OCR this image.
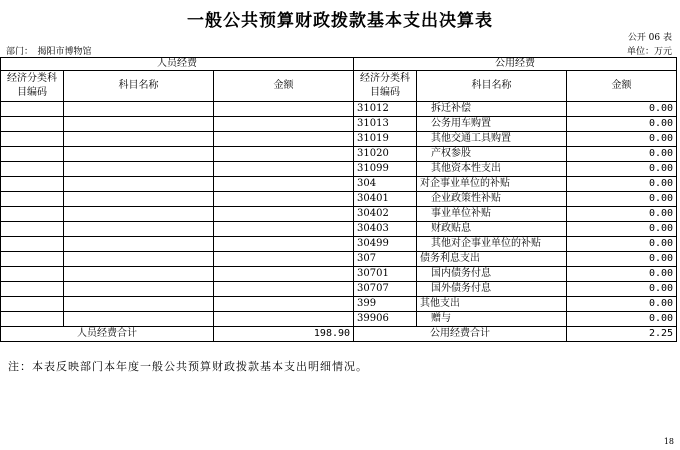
一般公共预算财政拨款基本支出决算表
公开 06 表
部门：　揭阳市博物馆	单位：万元
人员经费			公用经费		
经济分类科目编码	科目名称	金额	经济分类科目编码	科目名称	金额
			31012	拆迁补偿	0.00
			31013	公务用车购置	0.00
			31019	其他交通工具购置	0.00
			31020	产权参股	0.00
			31099	其他资本性支出	0.00
			304	对企事业单位的补贴	0.00
			30401	企业政策性补贴	0.00
			30402	事业单位补贴	0.00
			30403	财政贴息	0.00
			30499	其他对企事业单位的补贴	0.00
			307	债务利息支出	0.00
			30701	国内债务付息	0.00
			30707	国外债务付息	0.00
			399	其他支出	0.00
			39906	赠与	0.00
人员经费合计		198.90	公用经费合计		2.25
注：本表反映部门本年度一般公共预算财政拨款基本支出明细情况。
18
